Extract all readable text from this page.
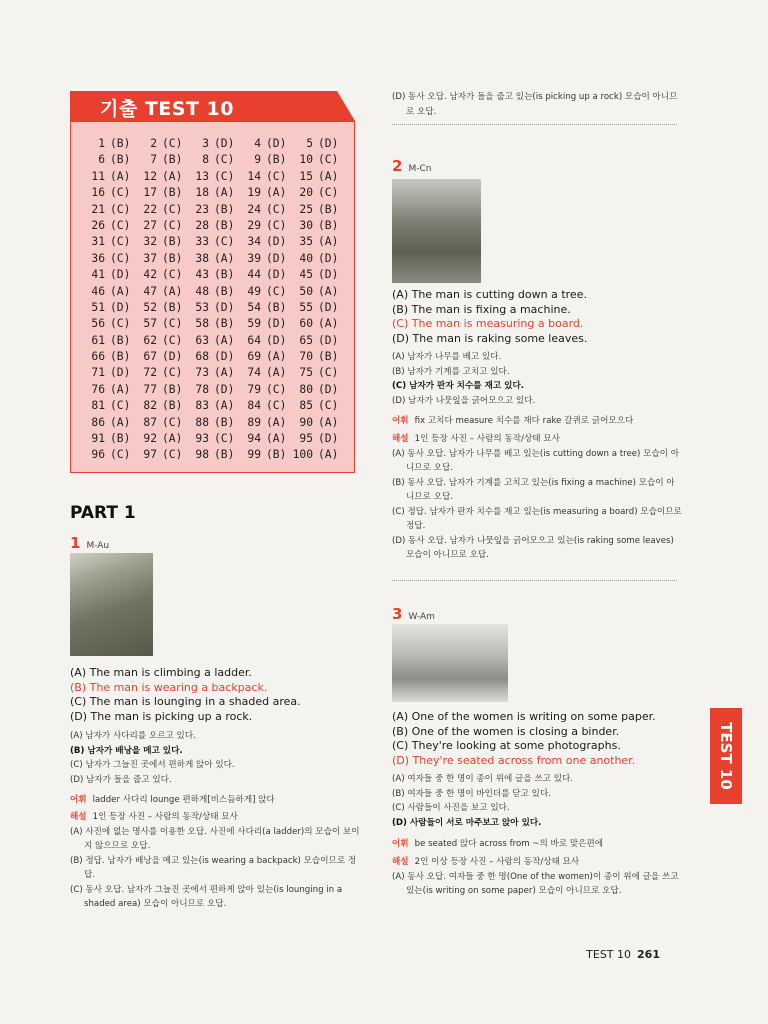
기출 TEST 10
1 (B)	2 (C)	3 (D)	4 (D)	5 (D)
6 (B)	7 (B)	8 (C)	9 (B)	10 (C)
11 (A)	12 (A)	13 (C)	14 (C)	15 (A)
16 (C)	17 (B)	18 (A)	19 (A)	20 (C)
21 (C)	22 (C)	23 (B)	24 (C)	25 (B)
26 (C)	27 (C)	28 (B)	29 (C)	30 (B)
31 (C)	32 (B)	33 (C)	34 (D)	35 (A)
36 (C)	37 (B)	38 (A)	39 (D)	40 (D)
41 (D)	42 (C)	43 (B)	44 (D)	45 (D)
46 (A)	47 (A)	48 (B)	49 (C)	50 (A)
51 (D)	52 (B)	53 (D)	54 (B)	55 (D)
56 (C)	57 (C)	58 (B)	59 (D)	60 (A)
61 (B)	62 (C)	63 (A)	64 (D)	65 (D)
66 (B)	67 (D)	68 (D)	69 (A)	70 (B)
71 (D)	72 (C)	73 (A)	74 (A)	75 (C)
76 (A)	77 (B)	78 (D)	79 (C)	80 (D)
81 (C)	82 (B)	83 (A)	84 (C)	85 (C)
86 (A)	87 (C)	88 (B)	89 (A)	90 (A)
91 (B)	92 (A)	93 (C)	94 (A)	95 (D)
96 (C)	97 (C)	98 (B)	99 (B) 100 (A)
PART 1
1 M-Au
(A) The man is climbing a ladder.
(B) The man is wearing a backpack.
(C) The man is lounging in a shaded area.
(D) The man is picking up a rock.
(A) 남자가 사다리를 오르고 있다.
(B) 남자가 배낭을 메고 있다.
(C) 남자가 그늘진 곳에서 편하게 앉아 있다.
(D) 남자가 돌을 줍고 있다.
어휘 ladder 사다리 lounge 편하게[비스듬하게] 앉다
해설 1인 등장 사진 – 사람의 동작/상태 묘사
(A) 사진에 없는 명사를 이용한 오답. 사진에 사다리(a ladder)의 모습이 보이지 않으므로 오답.
(B) 정답. 남자가 배낭을 메고 있는(is wearing a backpack) 모습이므로 정답.
(C) 동사 오답. 남자가 그늘진 곳에서 편하게 앉아 있는(is lounging in a shaded area) 모습이 아니므로 오답.
(D) 동사 오답. 남자가 돌을 줍고 있는(is picking up a rock) 모습이 아니므로 오답.
2 M-Cn
(A) The man is cutting down a tree.
(B) The man is fixing a machine.
(C) The man is measuring a board.
(D) The man is raking some leaves.
(A) 남자가 나무를 베고 있다.
(B) 남자가 기계를 고치고 있다.
(C) 남자가 판자 치수를 재고 있다.
(D) 남자가 나뭇잎을 긁어모으고 있다.
어휘 fix 고치다 measure 치수를 재다 rake 갈퀴로 긁어모으다
해설 1인 등장 사진 – 사람의 동작/상태 묘사
(A) 동사 오답. 남자가 나무를 베고 있는(is cutting down a tree) 모습이 아니므로 오답.
(B) 동사 오답. 남자가 기계를 고치고 있는(is fixing a machine) 모습이 아니므로 오답.
(C) 정답. 남자가 판자 치수를 재고 있는(is measuring a board) 모습이므로 정답.
(D) 동사 오답. 남자가 나뭇잎을 긁어모으고 있는(is raking some leaves) 모습이 아니므로 오답.
3 W-Am
(A) One of the women is writing on some paper.
(B) One of the women is closing a binder.
(C) They're looking at some photographs.
(D) They're seated across from one another.
(A) 여자들 중 한 명이 종이 위에 글을 쓰고 있다.
(B) 여자들 중 한 명이 바인더를 닫고 있다.
(C) 사람들이 사진을 보고 있다.
(D) 사람들이 서로 마주보고 앉아 있다.
어휘 be seated 앉다 across from ~의 바로 맞은편에
해설 2인 이상 등장 사진 – 사람의 동작/상태 묘사
(A) 동사 오답. 여자들 중 한 명(One of the women)이 종이 위에 글을 쓰고 있는(is writing on some paper) 모습이 아니므로 오답.
TEST 10
TEST 10 261
